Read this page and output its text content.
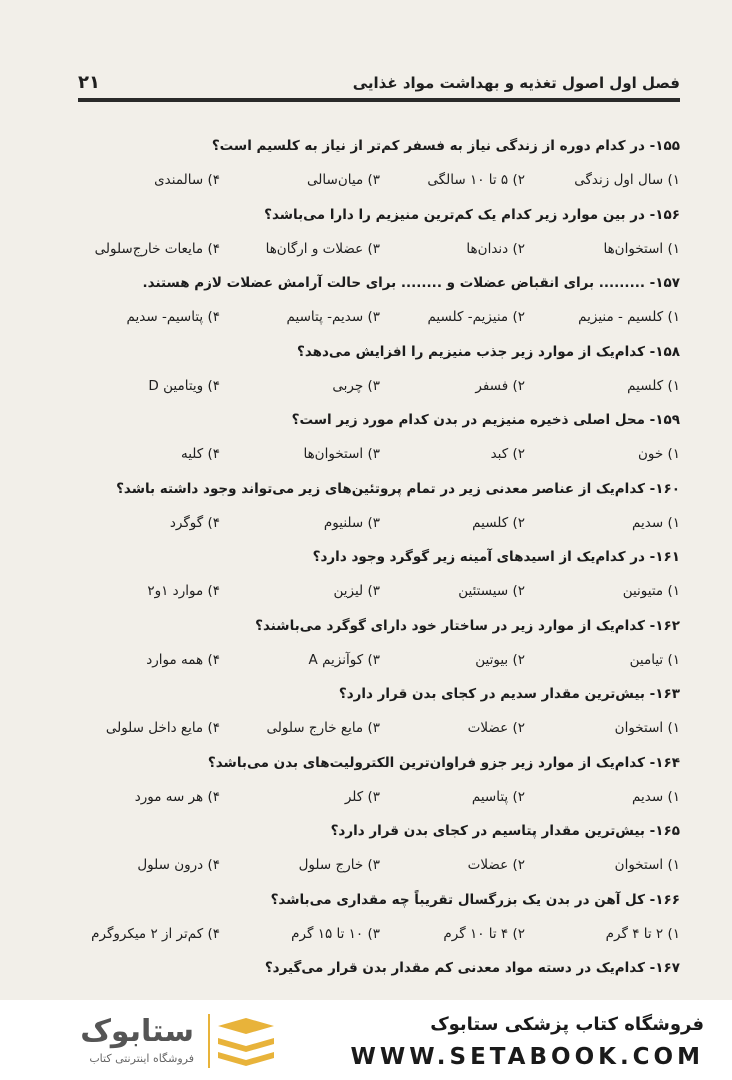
فصل اول اصول تغذیه و بهداشت مواد غذایی
۲۱
۱۵۵- در کدام دوره از زندگی نیاز به فسفر کم‌تر از نیاز به کلسیم است؟
۱) سال اول زندگی
۲) ۵ تا ۱۰ سالگی
۳) میان‌سالی
۴) سالمندی
۱۵۶- در بین موارد زیر کدام یک کم‌ترین منیزیم را دارا می‌باشد؟
۱) استخوان‌ها
۲) دندان‌ها
۳) عضلات و ارگان‌ها
۴) مایعات خارج‌سلولی
۱۵۷- ......... برای انقباض عضلات و ........ برای حالت آرامش عضلات لازم هستند.
۱) کلسیم - منیزیم
۲) منیزیم- کلسیم
۳) سدیم- پتاسیم
۴) پتاسیم- سدیم
۱۵۸- کدام‌یک از موارد زیر جذب منیزیم را افزایش می‌دهد؟
۱) کلسیم
۲) فسفر
۳) چربی
۴) ویتامین D
۱۵۹- محل اصلی ذخیره منیزیم در بدن کدام مورد زیر است؟
۱) خون
۲) کبد
۳) استخوان‌ها
۴) کلیه
۱۶۰- کدام‌یک از عناصر معدنی زیر در تمام پروتئین‌های زیر می‌تواند وجود داشته باشد؟
۱) سدیم
۲) کلسیم
۳) سلنیوم
۴) گوگرد
۱۶۱- در کدام‌یک از اسیدهای آمینه زیر گوگرد وجود دارد؟
۱) متیونین
۲) سیستئین
۳) لیزین
۴) موارد ۱و۲
۱۶۲- کدام‌یک از موارد زیر در ساختار خود دارای گوگرد می‌باشند؟
۱) تیامین
۲) بیوتین
۳) کوآنزیم A
۴) همه موارد
۱۶۳- بیش‌ترین مقدار سدیم در کجای بدن قرار دارد؟
۱) استخوان
۲) عضلات
۳) مایع خارج سلولی
۴) مایع داخل سلولی
۱۶۴- کدام‌یک از موارد زیر جزو فراوان‌ترین الکترولیت‌های بدن می‌باشد؟
۱) سدیم
۲) پتاسیم
۳) کلر
۴) هر سه مورد
۱۶۵- بیش‌ترین مقدار پتاسیم در کجای بدن قرار دارد؟
۱) استخوان
۲) عضلات
۳) خارج سلول
۴) درون سلول
۱۶۶- کل آهن در بدن یک بزرگسال تقریباً چه مقداری می‌باشد؟
۱) ۲ تا ۴ گرم
۲) ۴ تا ۱۰ گرم
۳) ۱۰ تا ۱۵ گرم
۴) کم‌تر از ۲ میکروگرم
۱۶۷- کدام‌یک در دسته مواد معدنی کم مقدار بدن قرار می‌گیرد؟
فروشگاه کتاب پزشکی ستابوک
WWW.SETABOOK.COM
ستابوک
فروشگاه اینترنتی کتاب
